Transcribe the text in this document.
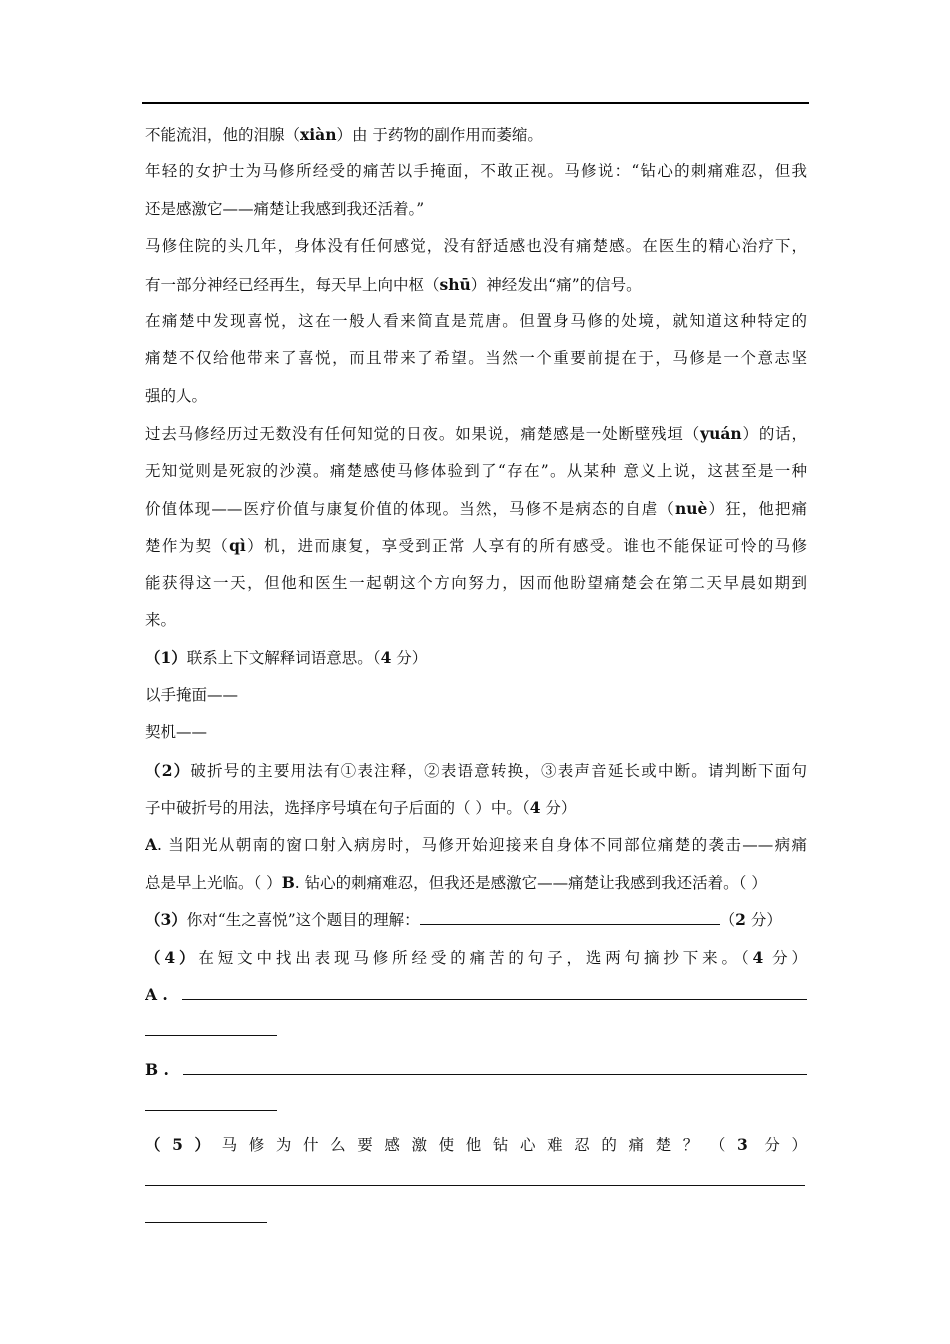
不能流泪，他的泪腺（xiàn）由 于药物的副作用而萎缩。
年轻的女护士为马修所经受的痛苦以手掩面，不敢正视。马修说：“钻心的刺痛难忍，但我
还是感激它——痛楚让我感到我还活着。”
马修住院的头几年，身体没有任何感觉，没有舒适感也没有痛楚感。在医生的精心治疗下，
有一部分神经已经再生，每天早上向中枢（shū）神经发出“痛”的信号。
在痛楚中发现喜悦，这在一般人看来简直是荒唐。但置身马修的处境，就知道这种特定的
痛楚不仅给他带来了喜悦，而且带来了希望。当然一个重要前提在于，马修是一个意志坚
强的人。
过去马修经历过无数没有任何知觉的日夜。如果说，痛楚感是一处断壁残垣（yuán）的话，
无知觉则是死寂的沙漠。痛楚感使马修体验到了“存在”。从某种 意义上说，这甚至是一种
价值体现——医疗价值与康复价值的体现。当然，马修不是病态的自虐（nuè）狂，他把痛
楚作为契（qì）机，进而康复，享受到正常 人享有的所有感受。谁也不能保证可怜的马修
能获得这一天，但他和医生一起朝这个方向努力，因而他盼望痛楚会在第二天早晨如期到
来。
（1）联系上下文解释词语意思。（4 分）
以手掩面——
契机——
（2）破折号的主要用法有①表注释，②表语意转换，③表声音延长或中断。请判断下面句
子中破折号的用法，选择序号填在句子后面的（ ）中。（4 分）
A. 当阳光从朝南的窗口射入病房时，马修开始迎接来自身体不同部位痛楚的袭击——病痛
总是早上光临。（ ）B. 钻心的刺痛难忍，但我还是感激它——痛楚让我感到我还活着。（ ）
（3）你对“生之喜悦”这个题目的理解：	（2 分）
（4）在短文中找出表现马修所经受的痛苦的句子，选两句摘抄下来。（4 分）
A .
B .
（5）马修为什么要感激使他钻心难忍的痛楚？（3 分）
